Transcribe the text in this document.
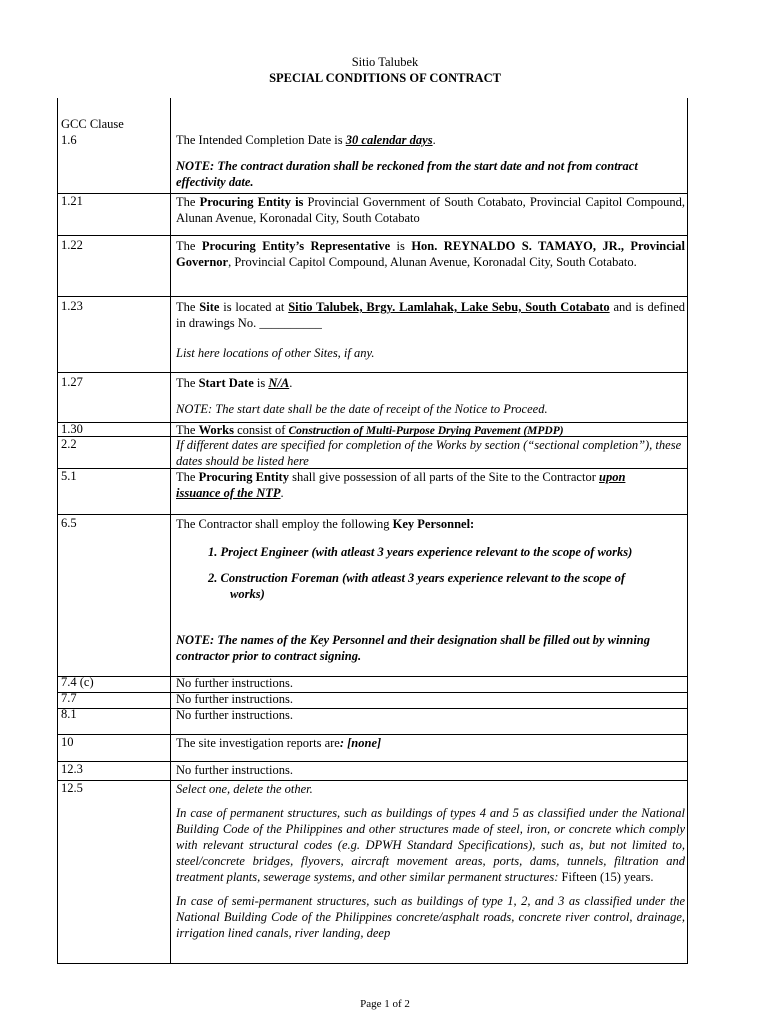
Sitio Talubek
SPECIAL CONDITIONS OF CONTRACT
GCC Clause
1.6	The Intended Completion Date is 30 calendar days.
NOTE: The contract duration shall be reckoned from the start date and not from contract effectivity date.
1.21	The Procuring Entity is Provincial Government of South Cotabato, Provincial Capitol Compound, Alunan Avenue, Koronadal City, South Cotabato
1.22	The Procuring Entity’s Representative is Hon. REYNALDO S. TAMAYO, JR., Provincial Governor, Provincial Capitol Compound, Alunan Avenue, Koronadal City, South Cotabato.
1.23	The Site is located at Sitio Talubek, Brgy. Lamlahak, Lake Sebu, South Cotabato and is defined in drawings No. __________
List here locations of other Sites, if any.
1.27	The Start Date is N/A.
NOTE: The start date shall be the date of receipt of the Notice to Proceed.
1.30	The Works consist of Construction of Multi-Purpose Drying Pavement (MPDP)
2.2	If different dates are specified for completion of the Works by section (“sectional completion”), these dates should be listed here
5.1	The Procuring Entity shall give possession of all parts of the Site to the Contractor upon issuance of the NTP.
6.5	The Contractor shall employ the following Key Personnel:
1. Project Engineer (with atleast 3 years experience relevant to the scope of works)
2. Construction Foreman (with atleast 3 years experience relevant to the scope of works)
NOTE: The names of the Key Personnel and their designation shall be filled out by winning contractor prior to contract signing.
7.4 (c)	No further instructions.
7.7	No further instructions.
8.1	No further instructions.
10	The site investigation reports are: [none]
12.3	No further instructions.
12.5	Select one, delete the other.
In case of permanent structures, such as buildings of types 4 and 5 as classified under the National Building Code of the Philippines and other structures made of steel, iron, or concrete which comply with relevant structural codes (e.g. DPWH Standard Specifications), such as, but not limited to, steel/concrete bridges, flyovers, aircraft movement areas, ports, dams, tunnels, filtration and treatment plants, sewerage systems, and other similar permanent structures: Fifteen (15) years.
In case of semi-permanent structures, such as buildings of type 1, 2, and 3 as classified under the National Building Code of the Philippines concrete/asphalt roads, concrete river control, drainage, irrigation lined canals, river landing, deep
Page 1 of 2
